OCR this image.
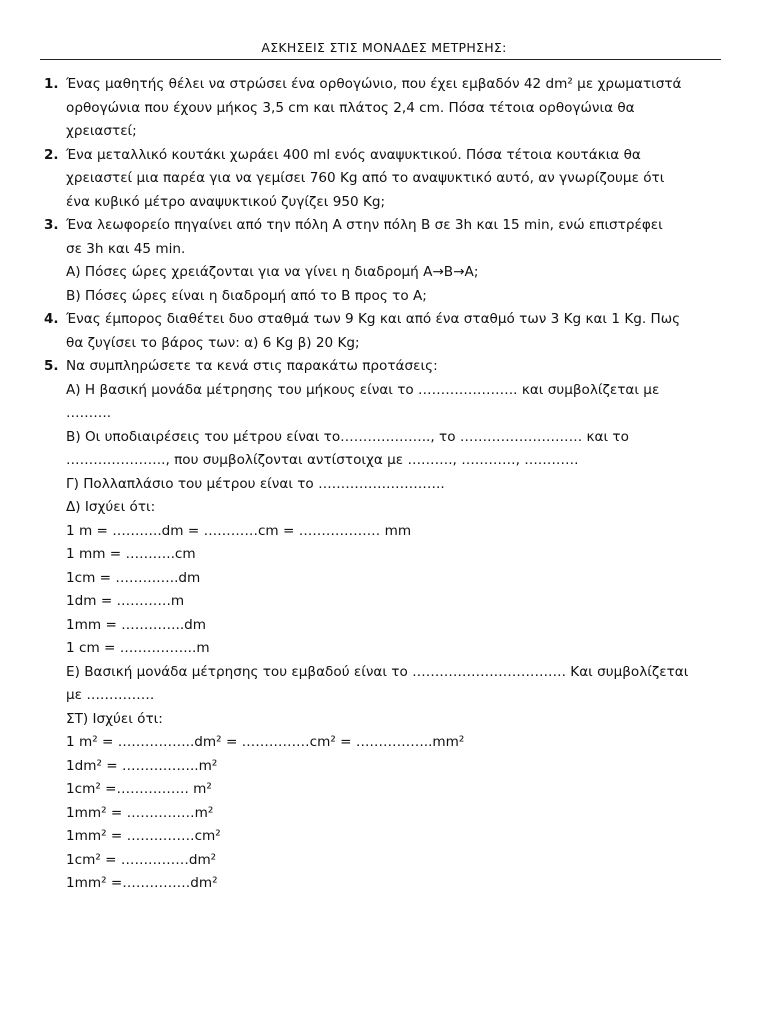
ΑΣΚΗΣΕΙΣ ΣΤΙΣ ΜΟΝΑΔΕΣ ΜΕΤΡΗΣΗΣ:
1. Ένας μαθητής θέλει να στρώσει ένα ορθογώνιο, που έχει εμβαδόν 42 dm² με χρωματιστά
ορθογώνια που έχουν μήκος 3,5 cm και πλάτος 2,4 cm. Πόσα τέτοια ορθογώνια θα
χρειαστεί;
2. Ένα μεταλλικό κουτάκι χωράει 400 ml ενός αναψυκτικού. Πόσα τέτοια κουτάκια θα
χρειαστεί μια παρέα για να γεμίσει 760 Kg από το αναψυκτικό αυτό, αν γνωρίζουμε ότι
ένα κυβικό μέτρο αναψυκτικού ζυγίζει 950 Kg;
3. Ένα λεωφορείο πηγαίνει από την πόλη Α στην πόλη Β σε 3h και 15 min, ενώ επιστρέφει
σε 3h και 45 min.
Α) Πόσες ώρες χρειάζονται για να γίνει η διαδρομή Α→Β→Α;
Β) Πόσες ώρες είναι η διαδρομή από το Β προς το Α;
4. Ένας έμπορος διαθέτει δυο σταθμά των 9 Kg και από ένα σταθμό των 3 Kg και 1 Kg. Πως
θα ζυγίσει το βάρος των: α) 6 Kg β) 20 Kg;
5. Να συμπληρώσετε τα κενά στις παρακάτω προτάσεις:
Α) Η βασική μονάδα μέτρησης του μήκους είναι το …………………. και συμβολίζεται με
……….
Β) Οι υποδιαιρέσεις του μέτρου είναι το……………….., το ……………………… και το
…………………., που συμβολίζονται αντίστοιχα με ………., …………, …………
Γ) Πολλαπλάσιο του μέτρου είναι το ……………………….
Δ) Ισχύει ότι:
1 m = ………..dm = …………cm = ……………… mm
1 mm = ………..cm
1cm = …………..dm
1dm = …………m
1mm = …………..dm
1 cm = ……………..m
Ε) Βασική μονάδα μέτρησης του εμβαδού είναι το ……………………………. Και συμβολίζεται
με ……………
ΣΤ) Ισχύει ότι:
1 m² = ……………..dm² = ……………cm² = ……………..mm²
1dm² = ……………..m²
1cm² =……………. m²
1mm² = ……………m²
1mm² = ……………cm²
1cm² = ……………dm²
1mm² =……………dm²
